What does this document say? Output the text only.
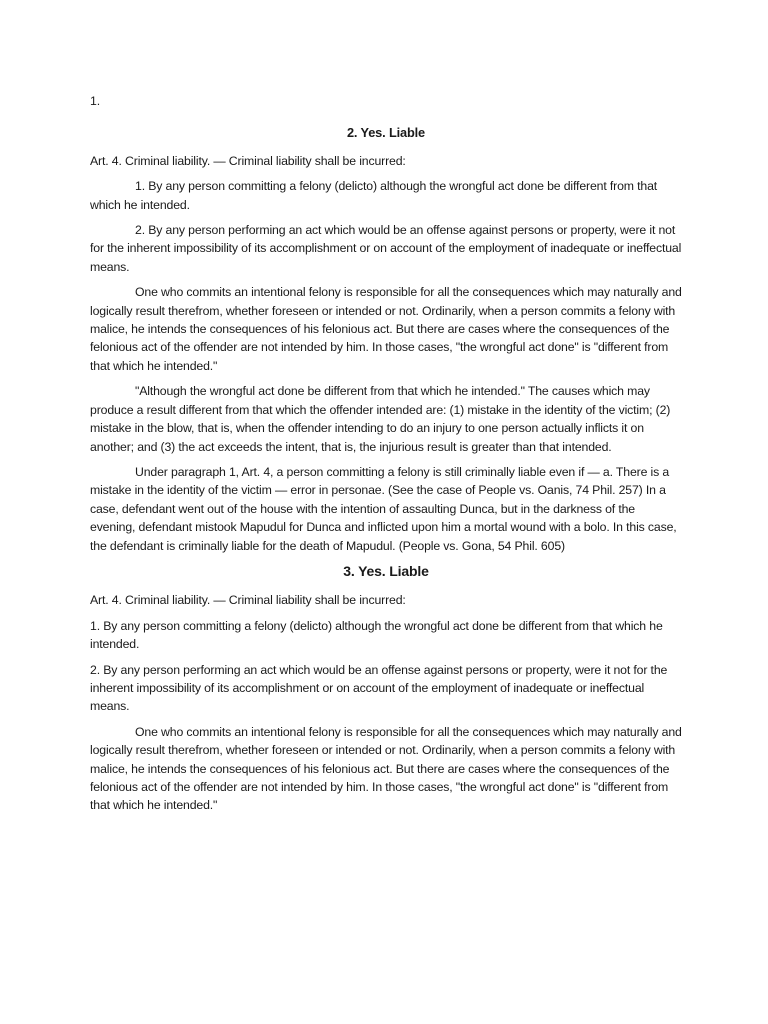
1.

2. Yes. Liable

Art. 4. Criminal liability. — Criminal liability shall be incurred:

1. By any person committing a felony (delicto) although the wrongful act done be different from that which he intended.

2. By any person performing an act which would be an offense against persons or property, were it not for the inherent impossibility of its accomplishment or on account of the employment of inadequate or ineffectual means.

One who commits an intentional felony is responsible for all the consequences which may naturally and logically result therefrom, whether foreseen or intended or not. Ordinarily, when a person commits a felony with malice, he intends the consequences of his felonious act. But there are cases where the consequences of the felonious act of the offender are not intended by him. In those cases, "the wrongful act done" is "different from that which he intended."

"Although the wrongful act done be different from that which he intended." The causes which may produce a result different from that which the offender intended are: (1) mistake in the identity of the victim; (2) mistake in the blow, that is, when the offender intending to do an injury to one person actually inflicts it on another; and (3) the act exceeds the intent, that is, the injurious result is greater than that intended.

Under paragraph 1, Art. 4, a person committing a felony is still criminally liable even if — a. There is a mistake in the identity of the victim — error in personae. (See the case of People vs. Oanis, 74 Phil. 257) In a case, defendant went out of the house with the intention of assaulting Dunca, but in the darkness of the evening, defendant mistook Mapudul for Dunca and inflicted upon him a mortal wound with a bolo. In this case, the defendant is criminally liable for the death of Mapudul. (People vs. Gona, 54 Phil. 605)

3. Yes. Liable

Art. 4. Criminal liability. — Criminal liability shall be incurred:

1. By any person committing a felony (delicto) although the wrongful act done be different from that which he intended.

2. By any person performing an act which would be an offense against persons or property, were it not for the inherent impossibility of its accomplishment or on account of the employment of inadequate or ineffectual means.

One who commits an intentional felony is responsible for all the consequences which may naturally and logically result therefrom, whether foreseen or intended or not. Ordinarily, when a person commits a felony with malice, he intends the consequences of his felonious act. But there are cases where the consequences of the felonious act of the offender are not intended by him. In those cases, "the wrongful act done" is "different from that which he intended."
